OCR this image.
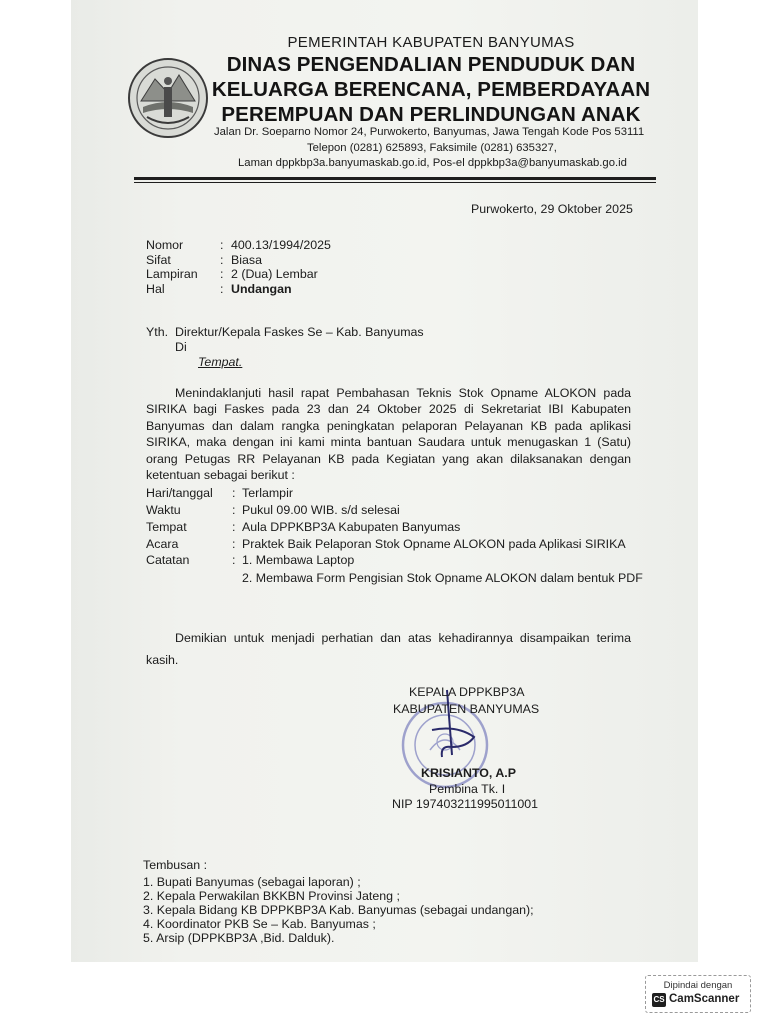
PEMERINTAH KABUPATEN BANYUMAS
DINAS PENGENDALIAN PENDUDUK DAN
KELUARGA BERENCANA, PEMBERDAYAAN
PEREMPUAN DAN PERLINDUNGAN ANAK
Jalan Dr. Soeparno Nomor 24, Purwokerto, Banyumas, Jawa Tengah Kode Pos 53111
Telepon (0281) 625893, Faksimile (0281) 635327,
Laman dppkbp3a.banyumaskab.go.id, Pos-el dppkbp3a@banyumaskab.go.id
Purwokerto, 29 Oktober 2025
Nomor	: 400.13/1994/2025
Sifat	: Biasa
Lampiran : 2 (Dua) Lembar
Hal	: Undangan
Yth. Direktur/Kepala Faskes Se – Kab. Banyumas
Di
Tempat.
Menindaklanjuti hasil rapat Pembahasan Teknis Stok Opname ALOKON pada SIRIKA bagi Faskes pada 23 dan 24 Oktober 2025 di Sekretariat IBI Kabupaten Banyumas dan dalam rangka peningkatan pelaporan Pelayanan KB pada aplikasi SIRIKA, maka dengan ini kami minta bantuan Saudara untuk menugaskan 1 (Satu) orang Petugas RR Pelayanan KB pada Kegiatan yang akan dilaksanakan dengan ketentuan sebagai berikut :
Hari/tanggal : Terlampir
Waktu	: Pukul 09.00 WIB. s/d selesai
Tempat	: Aula DPPKBP3A Kabupaten Banyumas
Acara	: Praktek Baik Pelaporan Stok Opname ALOKON pada Aplikasi SIRIKA
Catatan	: 1. Membawa Laptop
2. Membawa Form Pengisian Stok Opname ALOKON dalam bentuk PDF
Demikian untuk menjadi perhatian dan atas kehadirannya disampaikan terima kasih.
KEPALA DPPKBP3A
KABUPATEN BANYUMAS
KRISIANTO, A.P
Pembina Tk. I
NIP 197403211995011001
Tembusan :
1. Bupati Banyumas (sebagai laporan) ;
2. Kepala Perwakilan BKKBN Provinsi Jateng ;
3. Kepala Bidang KB DPPKBP3A Kab. Banyumas (sebagai undangan);
4. Koordinator PKB Se – Kab. Banyumas ;
5. Arsip (DPPKBP3A ,Bid. Dalduk).
Dipindai dengan
CS CamScanner
